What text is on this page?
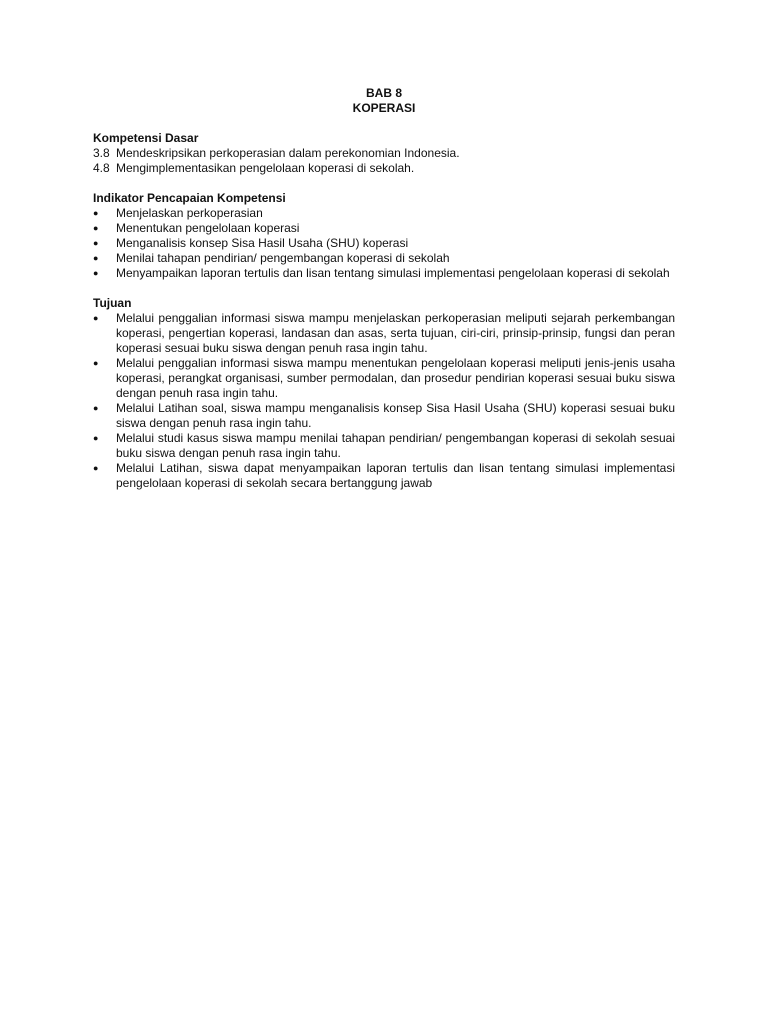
BAB 8
KOPERASI
Kompetensi Dasar
3.8 Mendeskripsikan perkoperasian dalam perekonomian Indonesia.
4.8 Mengimplementasikan pengelolaan koperasi di sekolah.
Indikator Pencapaian Kompetensi
●	Menjelaskan perkoperasian
●	Menentukan pengelolaan koperasi
●	Menganalisis konsep Sisa Hasil Usaha (SHU) koperasi
●	Menilai tahapan pendirian/ pengembangan koperasi di sekolah
●	Menyampaikan laporan tertulis dan lisan tentang simulasi implementasi pengelolaan koperasi di sekolah
Tujuan
●	Melalui penggalian informasi siswa mampu menjelaskan perkoperasian meliputi sejarah perkembangan koperasi, pengertian koperasi, landasan dan asas, serta tujuan, ciri-ciri, prinsip-prinsip, fungsi dan peran koperasi sesuai buku siswa dengan penuh rasa ingin tahu.
●	Melalui penggalian informasi siswa mampu menentukan pengelolaan koperasi meliputi jenis-jenis usaha koperasi, perangkat organisasi, sumber permodalan, dan prosedur pendirian koperasi sesuai buku siswa dengan penuh rasa ingin tahu.
●	Melalui Latihan soal, siswa mampu menganalisis konsep Sisa Hasil Usaha (SHU) koperasi sesuai buku siswa dengan penuh rasa ingin tahu.
●	Melalui studi kasus siswa mampu menilai tahapan pendirian/ pengembangan koperasi di sekolah sesuai buku siswa dengan penuh rasa ingin tahu.
●	Melalui Latihan, siswa dapat menyampaikan laporan tertulis dan lisan tentang simulasi implementasi pengelolaan koperasi di sekolah secara bertanggung jawab
